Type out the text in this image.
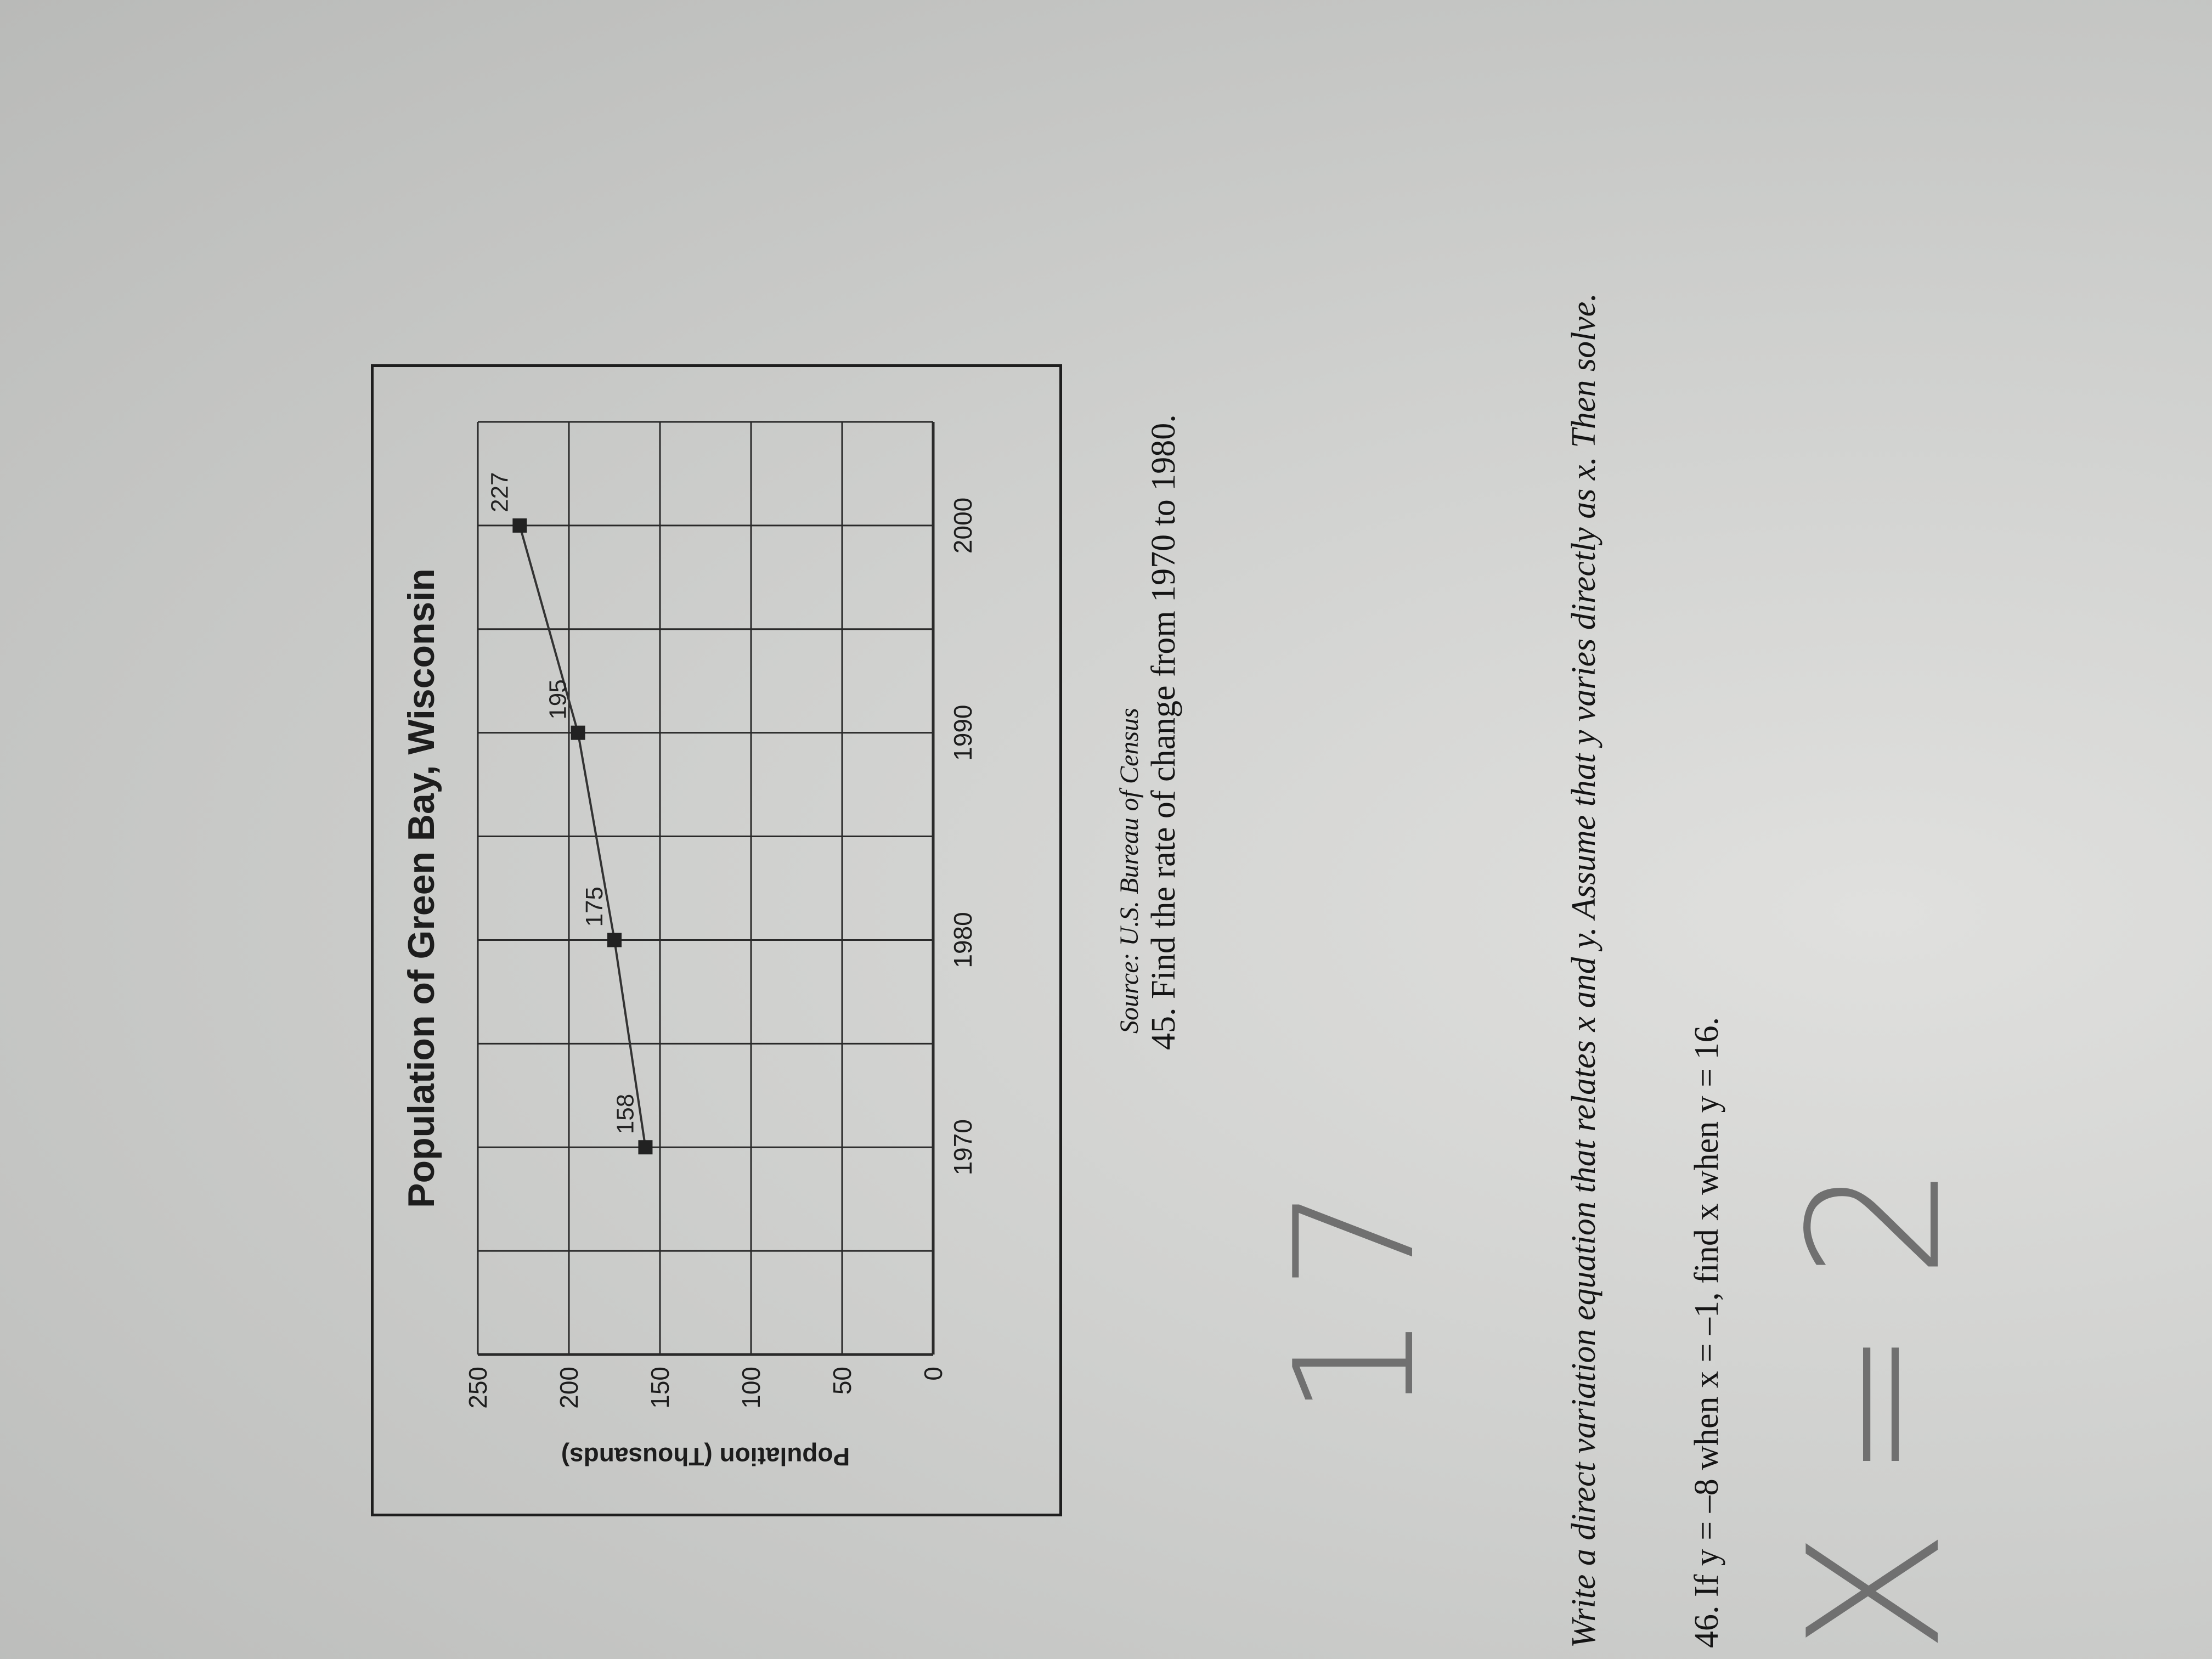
Population of Green Bay, Wisconsin
Population (Thousands)
0
50
100
150
200
250
1970
1980
1990
2000
158
175
195
227
Source: U.S. Bureau of Census 45. Find the rate of change from 1970 to 1980.
17	Write a direct variation equation that relates x and y. Assume that y varies directly as x. Then solve.	46. If y = –8 when x = –1, find x when y = 16. X=2
